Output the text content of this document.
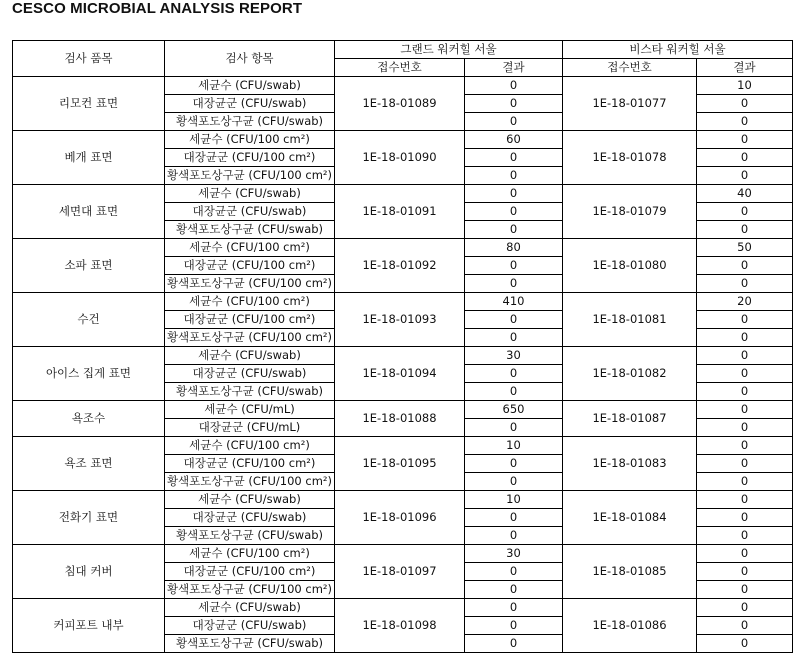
CESCO MICROBIAL ANALYSIS REPORT
검사 품목	검사 항목	그랜드 워커힐 서울		비스타 워커힐 서울	
		접수번호	결과	접수번호	결과
리모컨 표면	세균수 (CFU/swab)	1E-18-01089	0	1E-18-01077	10
	대장균군 (CFU/swab)		0		0
	황색포도상구균 (CFU/swab)		0		0
베개 표면	세균수 (CFU/100 cm²)	1E-18-01090	60	1E-18-01078	0
	대장균군 (CFU/100 cm²)		0		0
	황색포도상구균 (CFU/100 cm²)		0		0
세면대 표면	세균수 (CFU/swab)	1E-18-01091	0	1E-18-01079	40
	대장균군 (CFU/swab)		0		0
	황색포도상구균 (CFU/swab)		0		0
소파 표면	세균수 (CFU/100 cm²)	1E-18-01092	80	1E-18-01080	50
	대장균군 (CFU/100 cm²)		0		0
	황색포도상구균 (CFU/100 cm²)		0		0
수건	세균수 (CFU/100 cm²)	1E-18-01093	410	1E-18-01081	20
	대장균군 (CFU/100 cm²)		0		0
	황색포도상구균 (CFU/100 cm²)		0		0
아이스 집게 표면	세균수 (CFU/swab)	1E-18-01094	30	1E-18-01082	0
	대장균군 (CFU/swab)		0		0
	황색포도상구균 (CFU/swab)		0		0
욕조수	세균수 (CFU/mL)	1E-18-01088	650	1E-18-01087	0
	대장균군 (CFU/mL)		0		0
욕조 표면	세균수 (CFU/100 cm²)	1E-18-01095	10	1E-18-01083	0
	대장균군 (CFU/100 cm²)		0		0
	황색포도상구균 (CFU/100 cm²)		0		0
전화기 표면	세균수 (CFU/swab)	1E-18-01096	10	1E-18-01084	0
	대장균군 (CFU/swab)		0		0
	황색포도상구균 (CFU/swab)		0		0
침대 커버	세균수 (CFU/100 cm²)	1E-18-01097	30	1E-18-01085	0
	대장균군 (CFU/100 cm²)		0		0
	황색포도상구균 (CFU/100 cm²)		0		0
커피포트 내부	세균수 (CFU/swab)	1E-18-01098	0	1E-18-01086	0
	대장균군 (CFU/swab)		0		0
	황색포도상구균 (CFU/swab)		0		0
